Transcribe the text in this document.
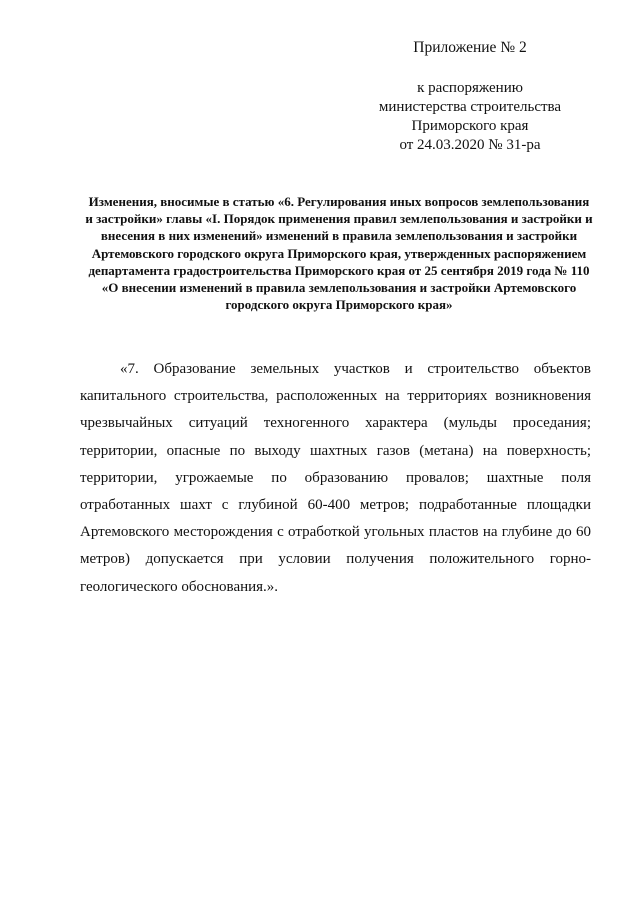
Приложение № 2
к распоряжению
министерства строительства
Приморского края
от 24.03.2020 № 31-ра
Изменения, вносимые в статью «6. Регулирования иных вопросов землепользования и застройки» главы «I. Порядок применения правил землепользования и застройки и внесения в них изменений» изменений в правила землепользования и застройки Артемовского городского округа Приморского края, утвержденных распоряжением департамента градостроительства Приморского края от 25 сентября 2019 года № 110 «О внесении изменений в правила землепользования и застройки Артемовского городского округа Приморского края»

«7. Образование земельных участков и строительство объектов капитального строительства, расположенных на территориях возникновения чрезвычайных ситуаций техногенного характера (мульды проседания; территории, опасные по выходу шахтных газов (метана) на поверхность; территории, угрожаемые по образованию провалов; шахтные поля отработанных шахт с глубиной 60-400 метров; подработанные площадки Артемовского месторождения с отработкой угольных пластов на глубине до 60 метров) допускается при условии получения положительного горно-геологического обоснования.».
